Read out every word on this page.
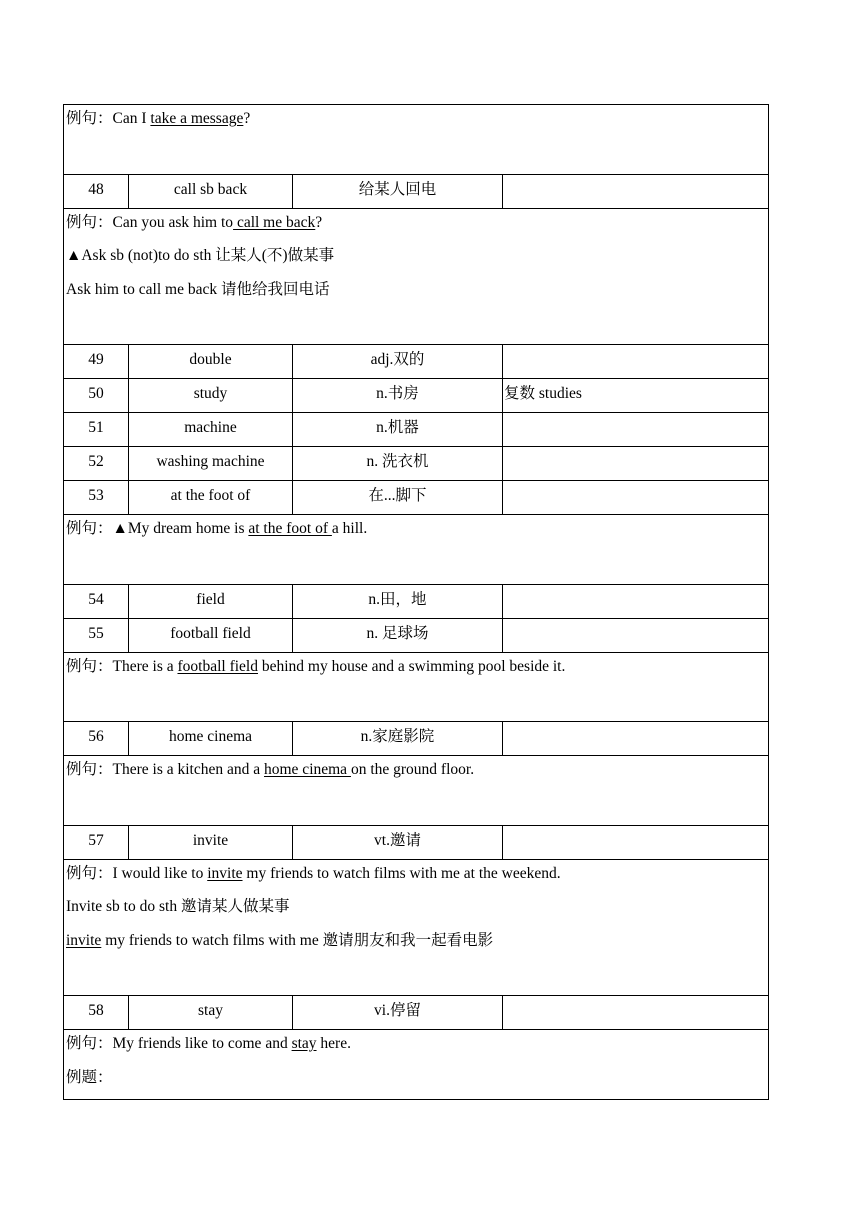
例句：Can I take a message?			

48	call sb back	给某人回电	

例句：Can you ask him to call me back?
▲Ask sb (not)to do sth 让某人(不)做某事
Ask him to call me back 请他给我回电话			

49	double	adj.双的	
50	study	n.书房	复数 studies
51	machine	n.机器	
52	washing machine	n. 洗衣机	
53	at the foot of	在...脚下	

例句：▲My dream home is at the foot of a hill.			

54	field	n.田，地	
55	football field	n. 足球场	

例句：There is a football field behind my house and a swimming pool beside it.			

56	home cinema	n.家庭影院	

例句：There is a kitchen and a home cinema on the ground floor.			

57	invite	vt.邀请	

例句：I would like to invite my friends to watch films with me at the weekend.
Invite sb to do sth 邀请某人做某事
invite my friends to watch films with me 邀请朋友和我一起看电影			

58	stay	vi.停留	

例句：My friends like to come and stay here.
例题：			
